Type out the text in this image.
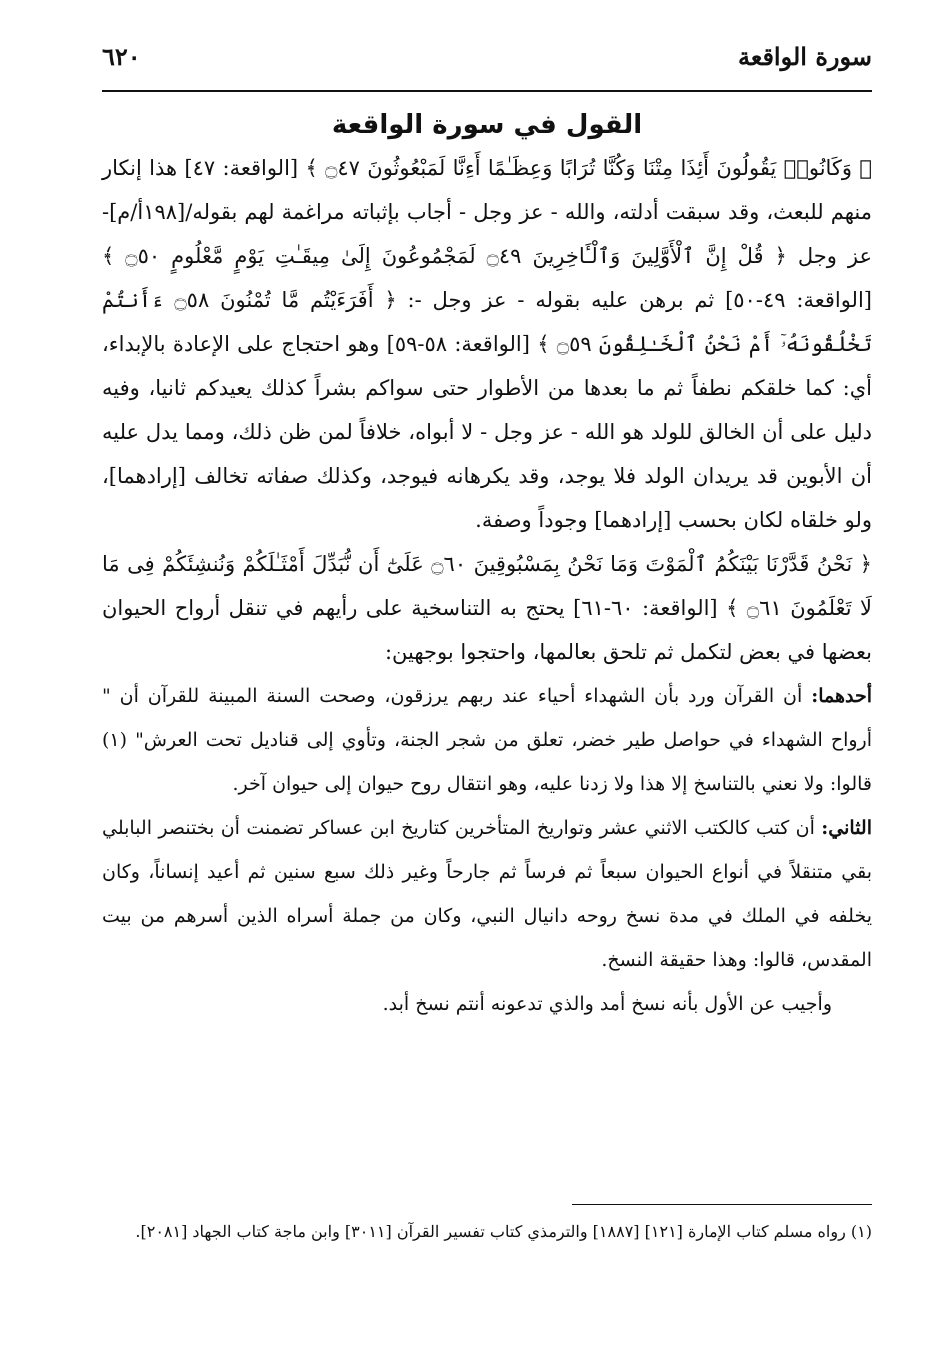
سورة الواقعة
٦٢٠
القول في سورة الواقعة

﴿ وَكَانُوا۟ يَقُولُونَ أَئِذَا مِتْنَا وَكُنَّا تُرَابًا وَعِظَـٰمًا أَءِنَّا لَمَبْعُوثُونَ ۝٤٧ ﴾ [الواقعة: ٤٧] هذا إنكار منهم للبعث، وقد سبقت أدلته، والله - عز وجل - أجاب بإثباته مراغمة لهم بقوله/[١٩٨أ/م]-عز وجل ﴿ قُلْ إِنَّ ٱلْأَوَّلِينَ وَٱلْـَٔاخِرِينَ ۝٤٩ لَمَجْمُوعُونَ إِلَىٰ مِيقَـٰتِ يَوْمٍ مَّعْلُومٍ ۝٥٠ ﴾ [الواقعة: ٤٩-٥٠] ثم برهن عليه بقوله - عز وجل -: ﴿ أَفَرَءَيْتُم مَّا تُمْنُونَ ۝٥٨ ءَأَنتُمْ تَخْلُقُونَهُۥٓ أَمْ نَحْنُ ٱلْخَـٰلِقُونَ ۝٥٩ ﴾ [الواقعة: ٥٨-٥٩] وهو احتجاج على الإعادة بالإبداء، أي: كما خلقكم نطفاً ثم ما بعدها من الأطوار حتى سواكم بشراً كذلك يعيدكم ثانيا، وفيه دليل على أن الخالق للولد هو الله - عز وجل - لا أبواه، خلافاً لمن ظن ذلك، ومما يدل عليه أن الأبوين قد يريدان الولد فلا يوجد، وقد يكرهانه فيوجد، وكذلك صفاته تخالف [إرادهما]، ولو خلقاه لكان بحسب [إرادهما] وجوداً وصفة.

﴿ نَحْنُ قَدَّرْنَا بَيْنَكُمُ ٱلْمَوْتَ وَمَا نَحْنُ بِمَسْبُوقِينَ ۝٦٠ عَلَىٰٓ أَن نُّبَدِّلَ أَمْثَـٰلَكُمْ وَنُنشِئَكُمْ فِى مَا لَا تَعْلَمُونَ ۝٦١ ﴾ [الواقعة: ٦٠-٦١] يحتج به التناسخية على رأيهم في تنقل أرواح الحيوان بعضها في بعض لتكمل ثم تلحق بعالمها، واحتجوا بوجهين:

أحدهما: أن القرآن ورد بأن الشهداء أحياء عند ربهم يرزقون، وصحت السنة المبينة للقرآن أن " أرواح الشهداء في حواصل طير خضر، تعلق من شجر الجنة، وتأوي إلى قناديل تحت العرش" (١) قالوا: ولا نعني بالتناسخ إلا هذا ولا زدنا عليه، وهو انتقال روح حيوان إلى حيوان آخر.

الثاني: أن كتب كالكتب الاثني عشر وتواريخ المتأخرين كتاريخ ابن عساكر تضمنت أن بختنصر البابلي بقي متنقلاً في أنواع الحيوان سبعاً ثم فرساً ثم جارحاً وغير ذلك سبع سنين ثم أعيد إنساناً، وكان يخلفه في الملك في مدة نسخ روحه دانيال النبي، وكان من جملة أسراه الذين أسرهم من بيت المقدس، قالوا: وهذا حقيقة النسخ.

وأجيب عن الأول بأنه نسخ أمد والذي تدعونه أنتم نسخ أبد.

(١) رواه مسلم كتاب الإمارة [١٢١] [١٨٨٧] والترمذي كتاب تفسير القرآن [٣٠١١] وابن ماجة كتاب الجهاد [٢٠٨١].
